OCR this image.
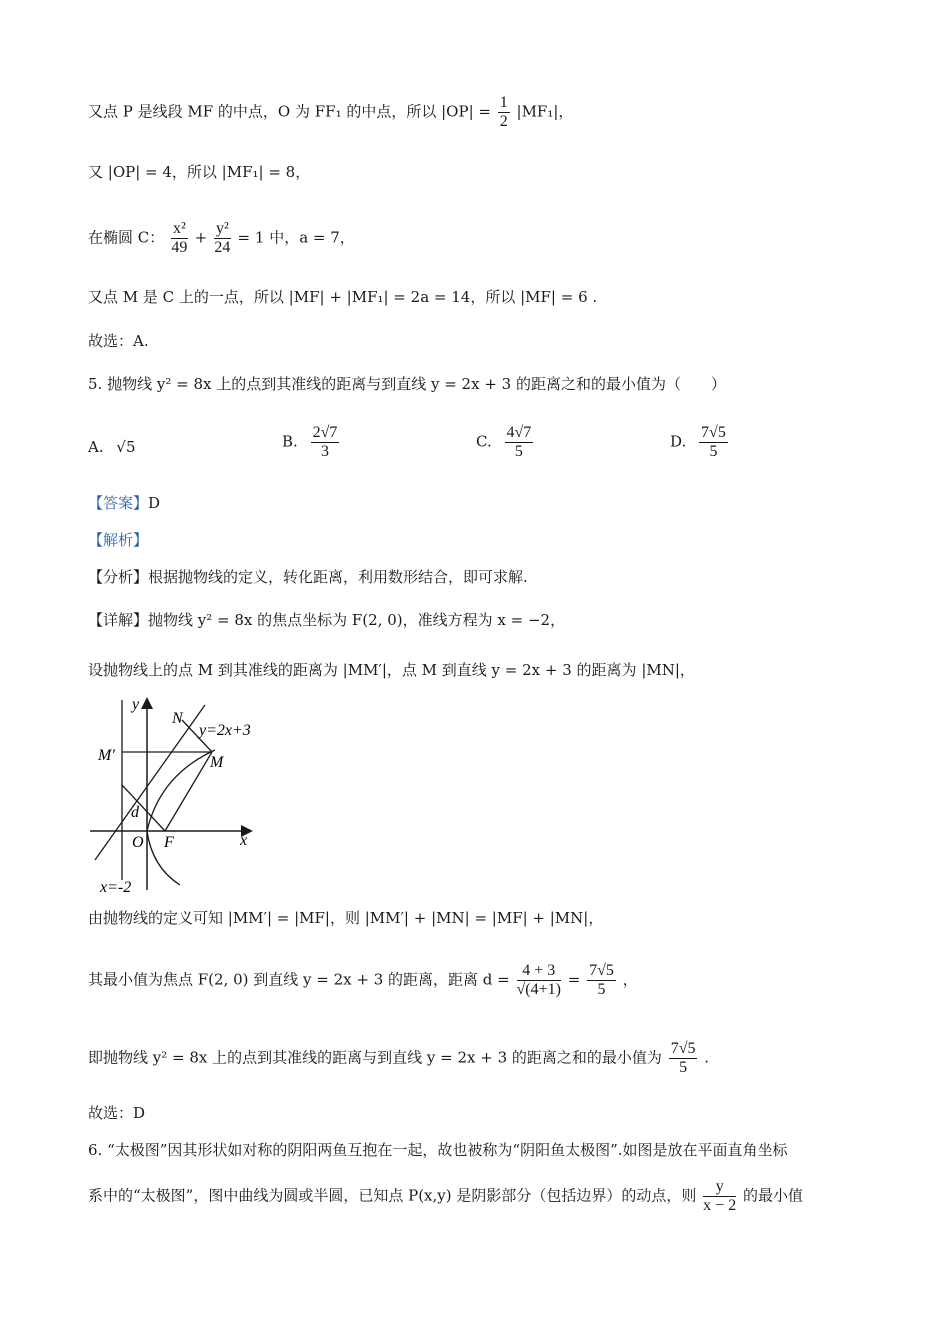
又点 P 是线段 MF 的中点，O 为 FF₁ 的中点，所以 $|OP| = \frac{1}{2} |MF_1|$，
又 |OP| = 4，所以 |MF₁| = 8，
在椭圆 C： $\frac{\text{x²}}{49} + \frac{\text{y²}}{24} = 1$ 中，a = 7，
又点 M 是 C 上的一点，所以 |MF| + |MF₁| = 2a = 14，所以 |MF| = 6 .
故选：A.
5. 抛物线 y² = 8x 上的点到其准线的距离与到直线 y = 2x + 3 的距离之和的最小值为（　　）
A. √5	B. $\frac{2√7}{3}$	C. $\frac{4√7}{5}$	D. $\frac{7√5}{5}$
【答案】D
【解析】
【分析】根据抛物线的定义，转化距离，利用数形结合，即可求解.
【详解】抛物线 y² = 8x 的焦点坐标为 F(2, 0)，准线方程为 x = −2，
设抛物线上的点 M 到其准线的距离为 |MM′|，点 M 到直线 y = 2x + 3 的距离为 |MN|，
y
N
y=2x+3
M′	M
d
O F	x
x=-2
由抛物线的定义可知 |MM′| = |MF|，则 |MM′| + |MN| = |MF| + |MN|，
其最小值为焦点 F(2, 0) 到直线 y = 2x + 3 的距离，距离 $d = \frac{4 + 3}{√(4+1)} = \frac{7√5}{5}$ ，
即抛物线 y² = 8x 上的点到其准线的距离与到直线 y = 2x + 3 的距离之和的最小值为 $\frac{7√5}{5}$ .
故选：D
6. “太极图”因其形状如对称的阴阳两鱼互抱在一起，故也被称为“阴阳鱼太极图”.如图是放在平面直角坐标
系中的“太极图”，图中曲线为圆或半圆，已知点 P(x,y) 是阴影部分（包括边界）的动点，则 $\frac{y}{x - 2}$ 的最小值
